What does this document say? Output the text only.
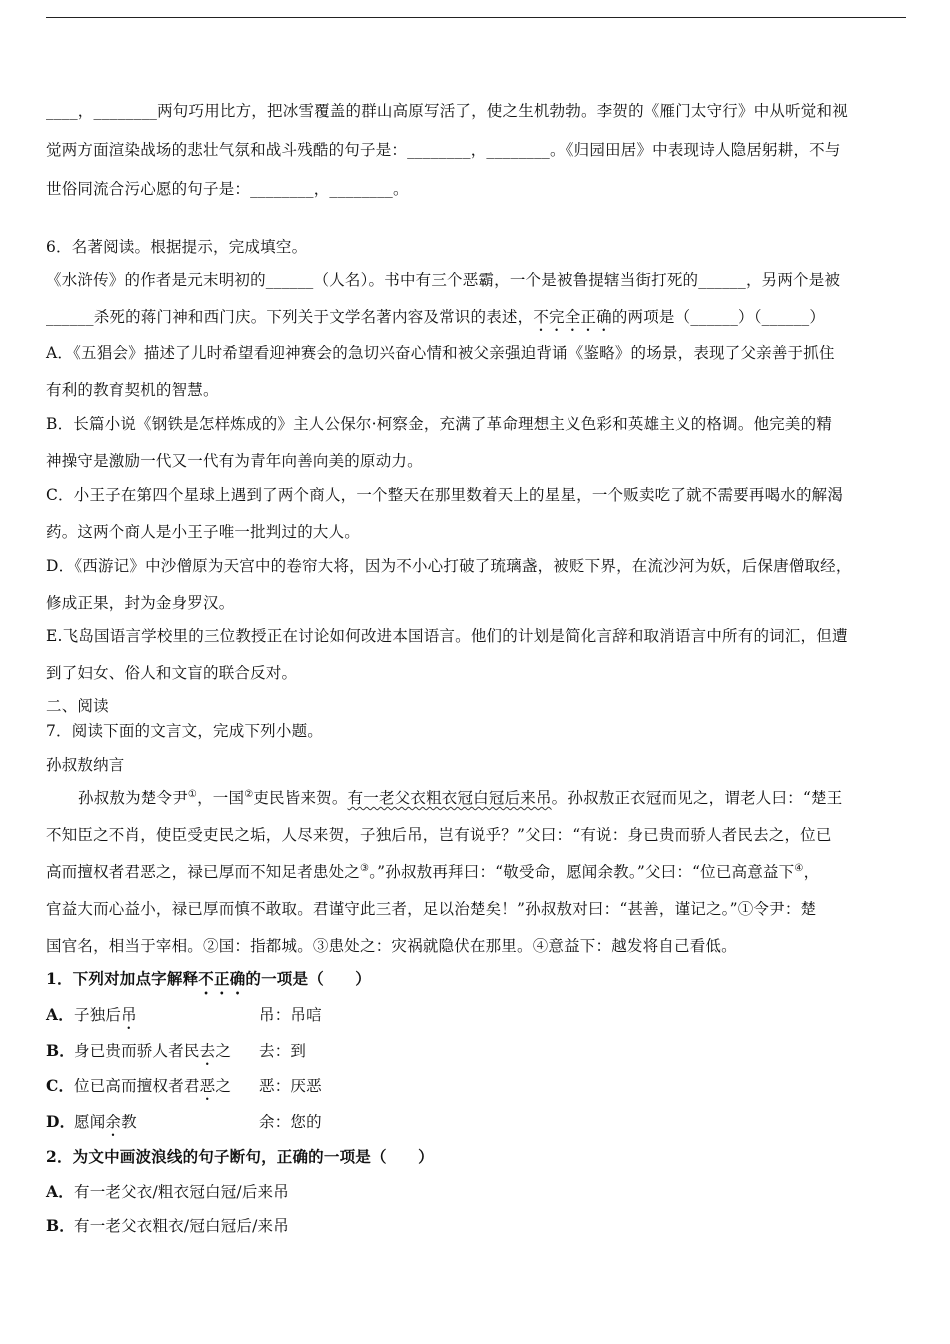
____，________两句巧用比方，把冰雪覆盖的群山高原写活了，使之生机勃勃。李贺的《雁门太守行》中从听觉和视
觉两方面渲染战场的悲壮气氛和战斗残酷的句子是：________，________。《归园田居》中表现诗人隐居躬耕，不与
世俗同流合污心愿的句子是：________，________。
6．名著阅读。根据提示，完成填空。
《水浒传》的作者是元末明初的______（人名）。书中有三个恶霸，一个是被鲁提辖当街打死的______，另两个是被
______杀死的蒋门神和西门庆。下列关于文学名著内容及常识的表述，不完全正确的两项是（______）（______）
A．《五猖会》描述了儿时希望看迎神赛会的急切兴奋心情和被父亲强迫背诵《鉴略》的场景，表现了父亲善于抓住
有利的教育契机的智慧。
B．长篇小说《钢铁是怎样炼成的》主人公保尔·柯察金，充满了革命理想主义色彩和英雄主义的格调。他完美的精
神操守是激励一代又一代有为青年向善向美的原动力。
C．小王子在第四个星球上遇到了两个商人，一个整天在那里数着天上的星星，一个贩卖吃了就不需要再喝水的解渴
药。这两个商人是小王子唯一批判过的大人。
D．《西游记》中沙僧原为天宫中的卷帘大将，因为不小心打破了琉璃盏，被贬下界，在流沙河为妖，后保唐僧取经，
修成正果，封为金身罗汉。
E.飞岛国语言学校里的三位教授正在讨论如何改进本国语言。他们的计划是简化言辞和取消语言中所有的词汇，但遭
到了妇女、俗人和文盲的联合反对。
二、阅读
7．阅读下面的文言文，完成下列小题。
孙叔敖纳言
孙叔敖为楚令尹①，一国②吏民皆来贺。有一老父衣粗衣冠白冠后来吊。孙叔敖正衣冠而见之，谓老人曰：“楚王
不知臣之不肖，使臣受吏民之垢，人尽来贺，子独后吊，岂有说乎？”父曰：“有说：身已贵而骄人者民去之，位已
高而擅权者君恶之，禄已厚而不知足者患处之③。”孙叔敖再拜曰：“敬受命，愿闻余教。”父曰：“位已高意益下④，
官益大而心益小，禄已厚而慎不敢取。君谨守此三者，足以治楚矣！”孙叔敖对曰：“甚善，谨记之。”①令尹：楚
国官名，相当于宰相。②国：指都城。③患处之：灾祸就隐伏在那里。④意益下：越发将自己看低。
1．下列对加点字解释不正确的一项是（　　）
A．子独后吊	吊：吊唁
B．身已贵而骄人者民去之 去：到
C．位已高而擅权者君恶之 恶：厌恶
D．愿闻余教	余：您的
2．为文中画波浪线的句子断句，正确的一项是（　　）
A．有一老父衣/粗衣冠白冠/后来吊
B．有一老父衣粗衣/冠白冠后/来吊
